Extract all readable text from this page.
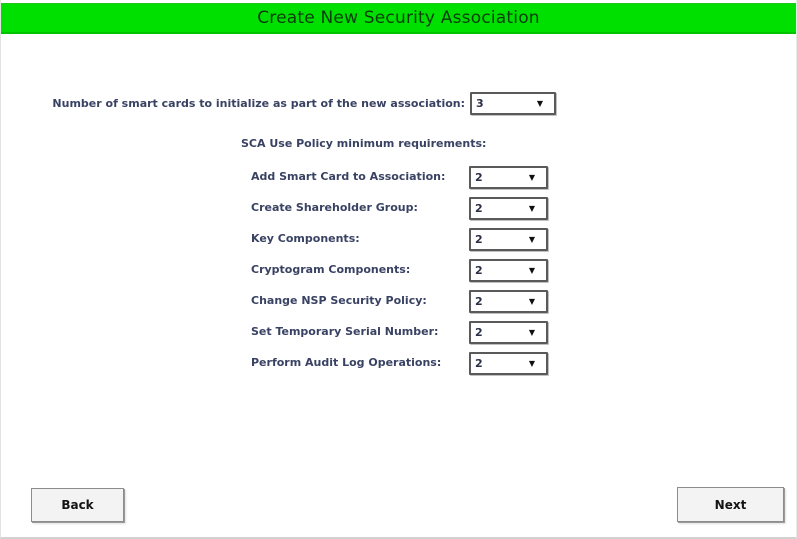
Create New Security Association
Number of smart cards to initialize as part of the new association: 3	▼
SCA Use Policy minimum requirements:
Add Smart Card to Association:	2	▼
Create Shareholder Group:	2	▼
Key Components:	2	▼
Cryptogram Components:	2	▼
Change NSP Security Policy:	2	▼
Set Temporary Serial Number:	2	▼
Perform Audit Log Operations:	2	▼
Back	Next
